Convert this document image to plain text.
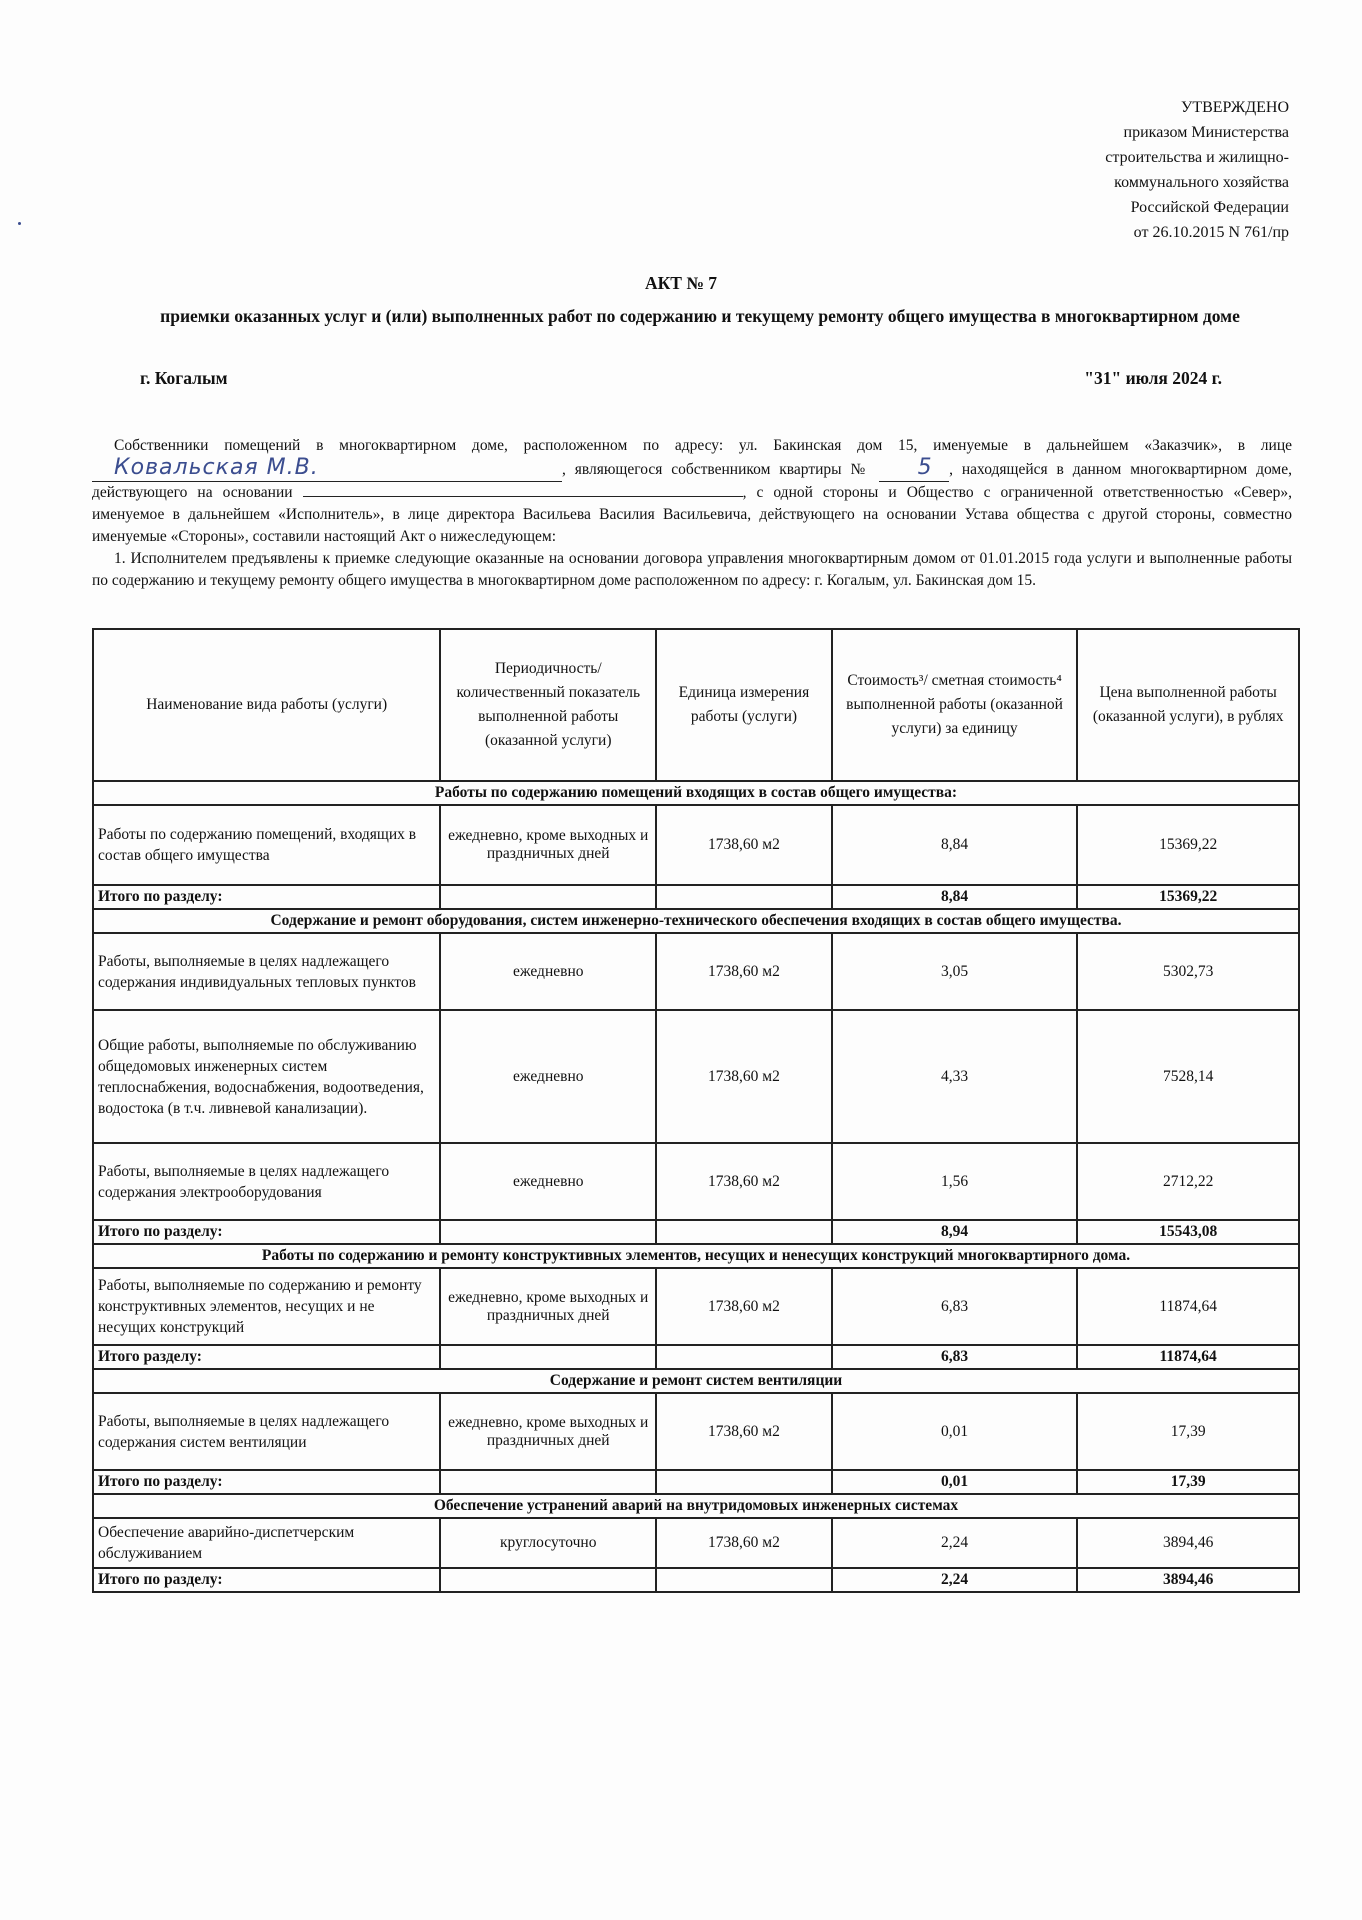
УТВЕРЖДЕНО
приказом Министерства
строительства и жилищно-
коммунального хозяйства
Российской Федерации
от 26.10.2015 N 761/пр
АКТ № 7
приемки оказанных услуг и (или) выполненных работ по содержанию и текущему ремонту общего имущества в многоквартирном доме
г. Когалым	"31" июля 2024 г.

Собственники помещений в многоквартирном доме, расположенном по адресу: ул. Бакинская дом 15, именуемые в дальнейшем «Заказчик», в лице Ковальская М.В.	, являющегося собственником квартиры № 5 , находящейся в данном многоквартирном доме, действующего на основании	, с одной стороны и Общество с ограниченной ответственностью «Север», именуемое в дальнейшем «Исполнитель», в лице директора Васильева Василия Васильевича, действующего на основании Устава общества с другой стороны, совместно именуемые «Стороны», составили настоящий Акт о нижеследующем:

1. Исполнителем предъявлены к приемке следующие оказанные на основании договора управления многоквартирным домом от 01.01.2015 года услуги и выполненные работы по содержанию и текущему ремонту общего имущества в многоквартирном доме расположенном по адресу: г. Когалым, ул. Бакинская дом 15.

Наименование вида работы (услуги)	Периодичность/ количественный показатель выполненной работы (оказанной услуги)	Единица измерения работы (услуги)	Стоимость³/ сметная стоимость⁴ выполненной работы (оказанной услуги) за единицу	Цена выполненной работы (оказанной услуги), в рублях
Работы по содержанию помещений входящих в состав общего имущества:				
Работы по содержанию помещений, входящих в состав общего имущества	ежедневно, кроме выходных и праздничных дней	1738,60 м2	8,84	15369,22
Итого по разделу:			8,84	15369,22
Содержание и ремонт оборудования, систем инженерно-технического обеспечения входящих в состав общего имущества.				
Работы, выполняемые в целях надлежащего содержания индивидуальных тепловых пунктов	ежедневно	1738,60 м2	3,05	5302,73
Общие работы, выполняемые по обслуживанию общедомовых инженерных систем теплоснабжения, водоснабжения, водоотведения, водостока (в т.ч. ливневой канализации).	ежедневно	1738,60 м2	4,33	7528,14
Работы, выполняемые в целях надлежащего содержания электрооборудования	ежедневно	1738,60 м2	1,56	2712,22
Итого по разделу:			8,94	15543,08
Работы по содержанию и ремонту конструктивных элементов, несущих и ненесущих конструкций многоквартирного дома.				
Работы, выполняемые по содержанию и ремонту конструктивных элементов, несущих и не несущих конструкций	ежедневно, кроме выходных и праздничных дней	1738,60 м2	6,83	11874,64
Итого разделу:			6,83	11874,64
Содержание и ремонт систем вентиляции				
Работы, выполняемые в целях надлежащего содержания систем вентиляции	ежедневно, кроме выходных и праздничных дней	1738,60 м2	0,01	17,39
Итого по разделу:			0,01	17,39
Обеспечение устранений аварий на внутридомовых инженерных системах				
Обеспечение аварийно-диспетчерским обслуживанием	круглосуточно	1738,60 м2	2,24	3894,46
Итого по разделу:			2,24	3894,46
